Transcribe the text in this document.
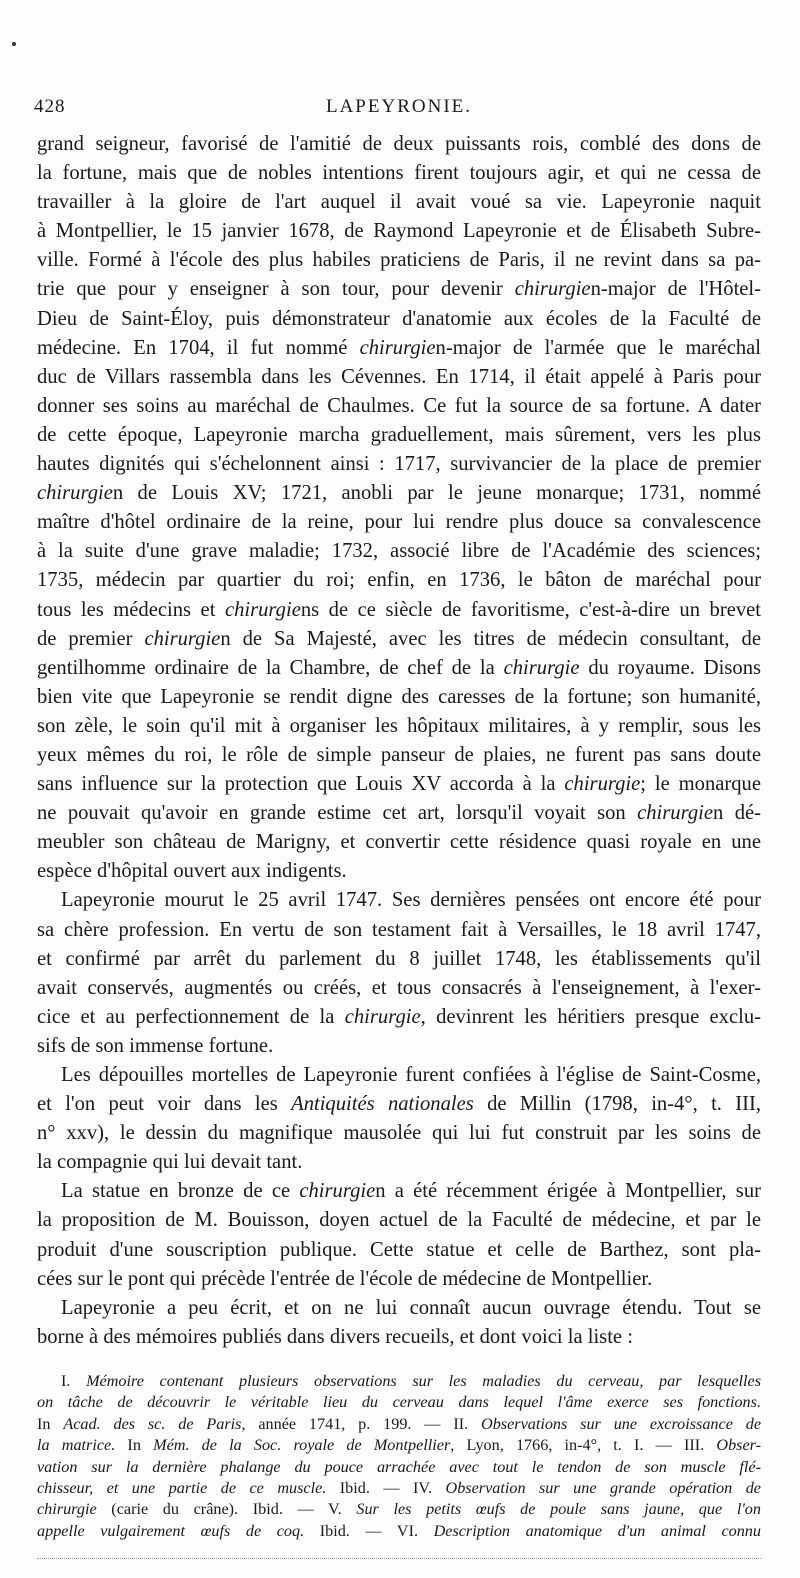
428	LAPEYRONIE.
grand seigneur, favorisé de l'amitié de deux puissants rois, comblé des dons de
la fortune, mais que de nobles intentions firent toujours agir, et qui ne cessa de
travailler à la gloire de l'art auquel il avait voué sa vie. Lapeyronie naquit
à Montpellier, le 15 janvier 1678, de Raymond Lapeyronie et de Élisabeth Subre-
ville. Formé à l'école des plus habiles praticiens de Paris, il ne revint dans sa pa-
trie que pour y enseigner à son tour, pour devenir chirurgien-major de l'Hôtel-
Dieu de Saint-Éloy, puis démonstrateur d'anatomie aux écoles de la Faculté de
médecine. En 1704, il fut nommé chirurgien-major de l'armée que le maréchal
duc de Villars rassembla dans les Cévennes. En 1714, il était appelé à Paris pour
donner ses soins au maréchal de Chaulmes. Ce fut la source de sa fortune. A dater
de cette époque, Lapeyronie marcha graduellement, mais sûrement, vers les plus
hautes dignités qui s'échelonnent ainsi : 1717, survivancier de la place de premier
chirurgien de Louis XV; 1721, anobli par le jeune monarque; 1731, nommé
maître d'hôtel ordinaire de la reine, pour lui rendre plus douce sa convalescence
à la suite d'une grave maladie; 1732, associé libre de l'Académie des sciences;
1735, médecin par quartier du roi; enfin, en 1736, le bâton de maréchal pour
tous les médecins et chirurgiens de ce siècle de favoritisme, c'est-à-dire un brevet
de premier chirurgien de Sa Majesté, avec les titres de médecin consultant, de
gentilhomme ordinaire de la Chambre, de chef de la chirurgie du royaume. Disons
bien vite que Lapeyronie se rendit digne des caresses de la fortune; son humanité,
son zèle, le soin qu'il mit à organiser les hôpitaux militaires, à y remplir, sous les
yeux mêmes du roi, le rôle de simple panseur de plaies, ne furent pas sans doute
sans influence sur la protection que Louis XV accorda à la chirurgie; le monarque
ne pouvait qu'avoir en grande estime cet art, lorsqu'il voyait son chirurgien dé-
meubler son château de Marigny, et convertir cette résidence quasi royale en une
espèce d'hôpital ouvert aux indigents.
Lapeyronie mourut le 25 avril 1747. Ses dernières pensées ont encore été pour
sa chère profession. En vertu de son testament fait à Versailles, le 18 avril 1747,
et confirmé par arrêt du parlement du 8 juillet 1748, les établissements qu'il
avait conservés, augmentés ou créés, et tous consacrés à l'enseignement, à l'exer-
cice et au perfectionnement de la chirurgie, devinrent les héritiers presque exclu-
sifs de son immense fortune.
Les dépouilles mortelles de Lapeyronie furent confiées à l'église de Saint-Cosme,
et l'on peut voir dans les Antiquités nationales de Millin (1798, in-4°, t. III,
n° xxv), le dessin du magnifique mausolée qui lui fut construit par les soins de
la compagnie qui lui devait tant.
La statue en bronze de ce chirurgien a été récemment érigée à Montpellier, sur
la proposition de M. Bouisson, doyen actuel de la Faculté de médecine, et par le
produit d'une souscription publique. Cette statue et celle de Barthez, sont pla-
cées sur le pont qui précède l'entrée de l'école de médecine de Montpellier.
Lapeyronie a peu écrit, et on ne lui connaît aucun ouvrage étendu. Tout se
borne à des mémoires publiés dans divers recueils, et dont voici la liste :
I. Mémoire contenant plusieurs observations sur les maladies du cerveau, par lesquelles
on tâche de découvrir le véritable lieu du cerveau dans lequel l'âme exerce ses fonctions.
In Acad. des sc. de Paris, année 1741, p. 199. — II. Observations sur une excroissance de
la matrice. In Mém. de la Soc. royale de Montpellier, Lyon, 1766, in-4°, t. I. — III. Obser-
vation sur la dernière phalange du pouce arrachée avec tout le tendon de son muscle flé-
chisseur, et une partie de ce muscle. Ibid. — IV. Observation sur une grande opération de
chirurgie (carie du crâne). Ibid. — V. Sur les petits œufs de poule sans jaune, que l'on
appelle vulgairement œufs de coq. Ibid. — VI. Description anatomique d'un animal connu
